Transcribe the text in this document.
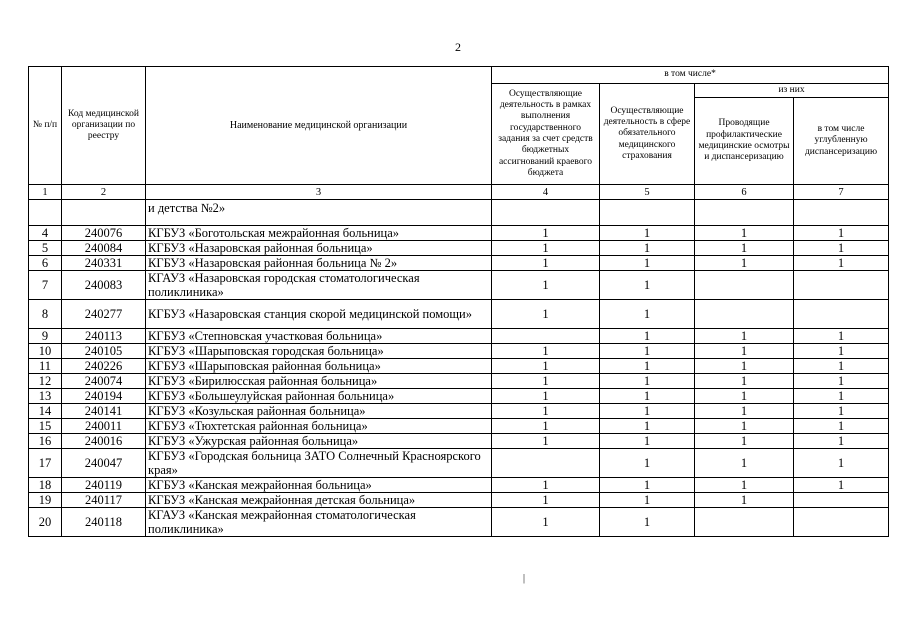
2
№ п/п	Код медицинской организации по реестру	Наименование медицинской организации	в том числе*			
			Осуществляющие деятельность в рамках выполнения государственного задания за счет средств бюджетных ассигнований краевого бюджета	Осуществляющие деятельность в сфере обязательного медицинского страхования	из них	
					Проводящие профилактические медицинские осмотры и диспансеризацию	в том числе углубленную диспансеризацию
1	2	3	4	5	6	7
		и детства №2»				
4	240076	КГБУЗ «Боготольская межрайонная больница»	1	1	1	1
5	240084	КГБУЗ «Назаровская районная больница»	1	1	1	1
6	240331	КГБУЗ «Назаровская районная больница № 2»	1	1	1	1
7	240083	КГАУЗ «Назаровская городская стоматологическая поликлиника»	1	1		
8	240277	КГБУЗ «Назаровская станция скорой медицинской помощи»	1	1		
9	240113	КГБУЗ «Степновская участковая больница»		1	1	1
10	240105	КГБУЗ «Шарыповская городская больница»	1	1	1	1
11	240226	КГБУЗ «Шарыповская районная больница»	1	1	1	1
12	240074	КГБУЗ «Бирилюсская районная больница»	1	1	1	1
13	240194	КГБУЗ «Большеулуйская районная больница»	1	1	1	1
14	240141	КГБУЗ «Козульская районная больница»	1	1	1	1
15	240011	КГБУЗ «Тюхтетская районная больница»	1	1	1	1
16	240016	КГБУЗ «Ужурская районная больница»	1	1	1	1
17	240047	КГБУЗ «Городская больница ЗАТО Солнечный Красноярского края»		1	1	1
18	240119	КГБУЗ «Канская межрайонная больница»	1	1	1	1
19	240117	КГБУЗ «Канская межрайонная детская больница»	1	1	1	
20	240118	КГАУЗ «Канская межрайонная стоматологическая поликлиника»	1	1		
|
